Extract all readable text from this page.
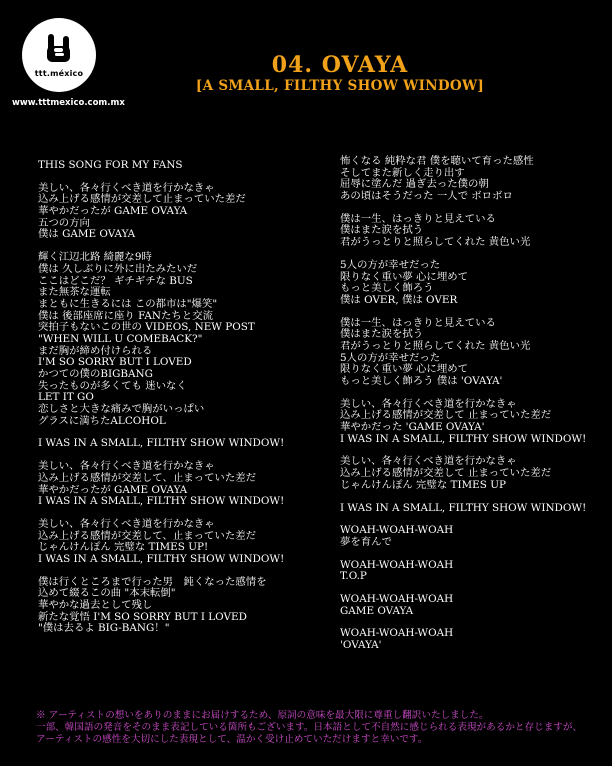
ttt.méxico
www.tttmexico.com.mx
04. OVAYA
[A SMALL, FILTHY SHOW WINDOW]
THIS SONG FOR MY FANS
美しい、各々行くべき道を行かなきゃ
込み上げる感情が交差して止まっていた差だ
華やかだったが GAME OVAYA
五つの方向
僕は GAME OVAYA
輝く江辺北路 綺麗な9時
僕は 久しぶりに外に出たみたいだ
ここはどこだ？ ギチギチな BUS
また無茶な運転
まともに生きるには この都市は"爆笑"
僕は 後部座席に座り FANたちと交流
突拍子もないこの世の VIDEOS, NEW POST
"WHEN WILL U COMEBACK?"
まだ胸が締め付けられる
I'M SO SORRY BUT I LOVED
かつての僕のBIGBANG
失ったものが多くても 迷いなく
LET IT GO
恋しさと大きな痛みで胸がいっぱい
グラスに満ちたALCOHOL
I WAS IN A SMALL, FILTHY SHOW WINDOW!
美しい、各々行くべき道を行かなきゃ
込み上げる感情が交差して、止まっていた差だ
華やかだったが GAME OVAYA
I WAS IN A SMALL, FILTHY SHOW WINDOW!
美しい、各々行くべき道を行かなきゃ
込み上げる感情が交差して、止まっていた差だ
じゃんけんぽん 完璧な TIMES UP!
I WAS IN A SMALL, FILTHY SHOW WINDOW!
僕は行くところまで行った男　鈍くなった感情を
込めて綴るこの曲 "本末転倒"
華やかな過去として残し
新たな覚悟 I'M SO SORRY BUT I LOVED
"僕は去るよ BIG-BANG！"
怖くなる 純粋な君 僕を聴いて育った感性
そしてまた新しく走り出す
屈辱に塗んだ 過ぎ去った僕の朝
あの頃はそうだった 一人で ボロボロ
僕は一生、はっきりと見えている
僕はまた涙を拭う
君がうっとりと照らしてくれた 黄色い光
5人の方が幸せだった
限りなく重い夢 心に埋めて
もっと美しく飾ろう
僕は OVER, 僕は OVER
僕は一生、はっきりと見えている
僕はまた涙を拭う
君がうっとりと照らしてくれた 黄色い光
5人の方が幸せだった
限りなく重い夢 心に埋めて
もっと美しく飾ろう 僕は 'OVAYA'
美しい、各々行くべき道を行かなきゃ
込み上げる感情が交差して 止まっていた差だ
華やかだった 'GAME OVAYA'
I WAS IN A SMALL, FILTHY SHOW WINDOW!
美しい、各々行くべき道を行かなきゃ
込み上げる感情が交差して 止まっていた差だ
じゃんけんぽん 完璧な TIMES UP
I WAS IN A SMALL, FILTHY SHOW WINDOW!
WOAH-WOAH-WOAH
夢を育んで
WOAH-WOAH-WOAH
T.O.P
WOAH-WOAH-WOAH
GAME OVAYA
WOAH-WOAH-WOAH
'OVAYA'
※ アーティストの想いをありのままにお届けするため、原詞の意味を最大限に尊重し翻訳いたしました。
一部、韓国語の発音をそのまま表記している箇所もございます。日本語として不自然に感じられる表現があるかと存じますが、
アーティストの感性を大切にした表現として、温かく受け止めていただけますと幸いです。
